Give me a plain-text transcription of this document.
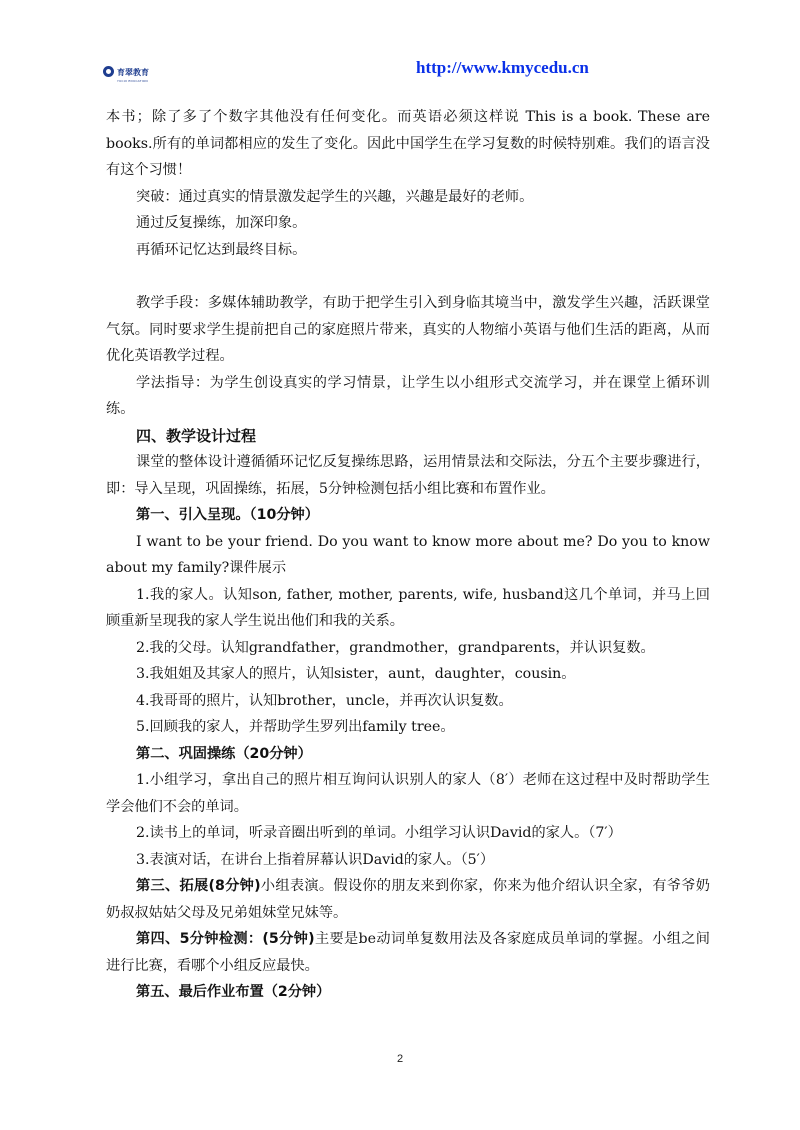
育翠教育
YUCUI EDUCATION
http://www.kmycedu.cn

本书；除了多了个数字其他没有任何变化。而英语必须这样说 This is a book. These are books.所有的单词都相应的发生了变化。因此中国学生在学习复数的时候特别难。我们的语言没有这个习惯！

突破：通过真实的情景激发起学生的兴趣，兴趣是最好的老师。

通过反复操练，加深印象。

再循环记忆达到最终目标。

教学手段：多媒体辅助教学，有助于把学生引入到身临其境当中，激发学生兴趣，活跃课堂气氛。同时要求学生提前把自己的家庭照片带来，真实的人物缩小英语与他们生活的距离，从而优化英语教学过程。

学法指导：为学生创设真实的学习情景，让学生以小组形式交流学习，并在课堂上循环训练。

四、教学设计过程

课堂的整体设计遵循循环记忆反复操练思路，运用情景法和交际法，分五个主要步骤进行，即：导入呈现，巩固操练，拓展，5分钟检测包括小组比赛和布置作业。

第一、引入呈现。（10分钟）

I want to be your friend. Do you want to know more about me? Do you to know about my family?课件展示

1.我的家人。认知son, father, mother, parents, wife, husband这几个单词，并马上回顾重新呈现我的家人学生说出他们和我的关系。

2.我的父母。认知grandfather，grandmother，grandparents，并认识复数。

3.我姐姐及其家人的照片，认知sister，aunt，daughter，cousin。

4.我哥哥的照片，认知brother，uncle，并再次认识复数。

5.回顾我的家人，并帮助学生罗列出family tree。

第二、巩固操练（20分钟）

1.小组学习，拿出自己的照片相互询问认识别人的家人（8′）老师在这过程中及时帮助学生学会他们不会的单词。

2.读书上的单词，听录音圈出听到的单词。小组学习认识David的家人。（7′）

3.表演对话，在讲台上指着屏幕认识David的家人。（5′）

第三、拓展(8分钟)小组表演。假设你的朋友来到你家，你来为他介绍认识全家，有爷爷奶奶叔叔姑姑父母及兄弟姐妹堂兄妹等。

第四、5分钟检测：(5分钟)主要是be动词单复数用法及各家庭成员单词的掌握。小组之间进行比赛，看哪个小组反应最快。

第五、最后作业布置（2分钟）

2
